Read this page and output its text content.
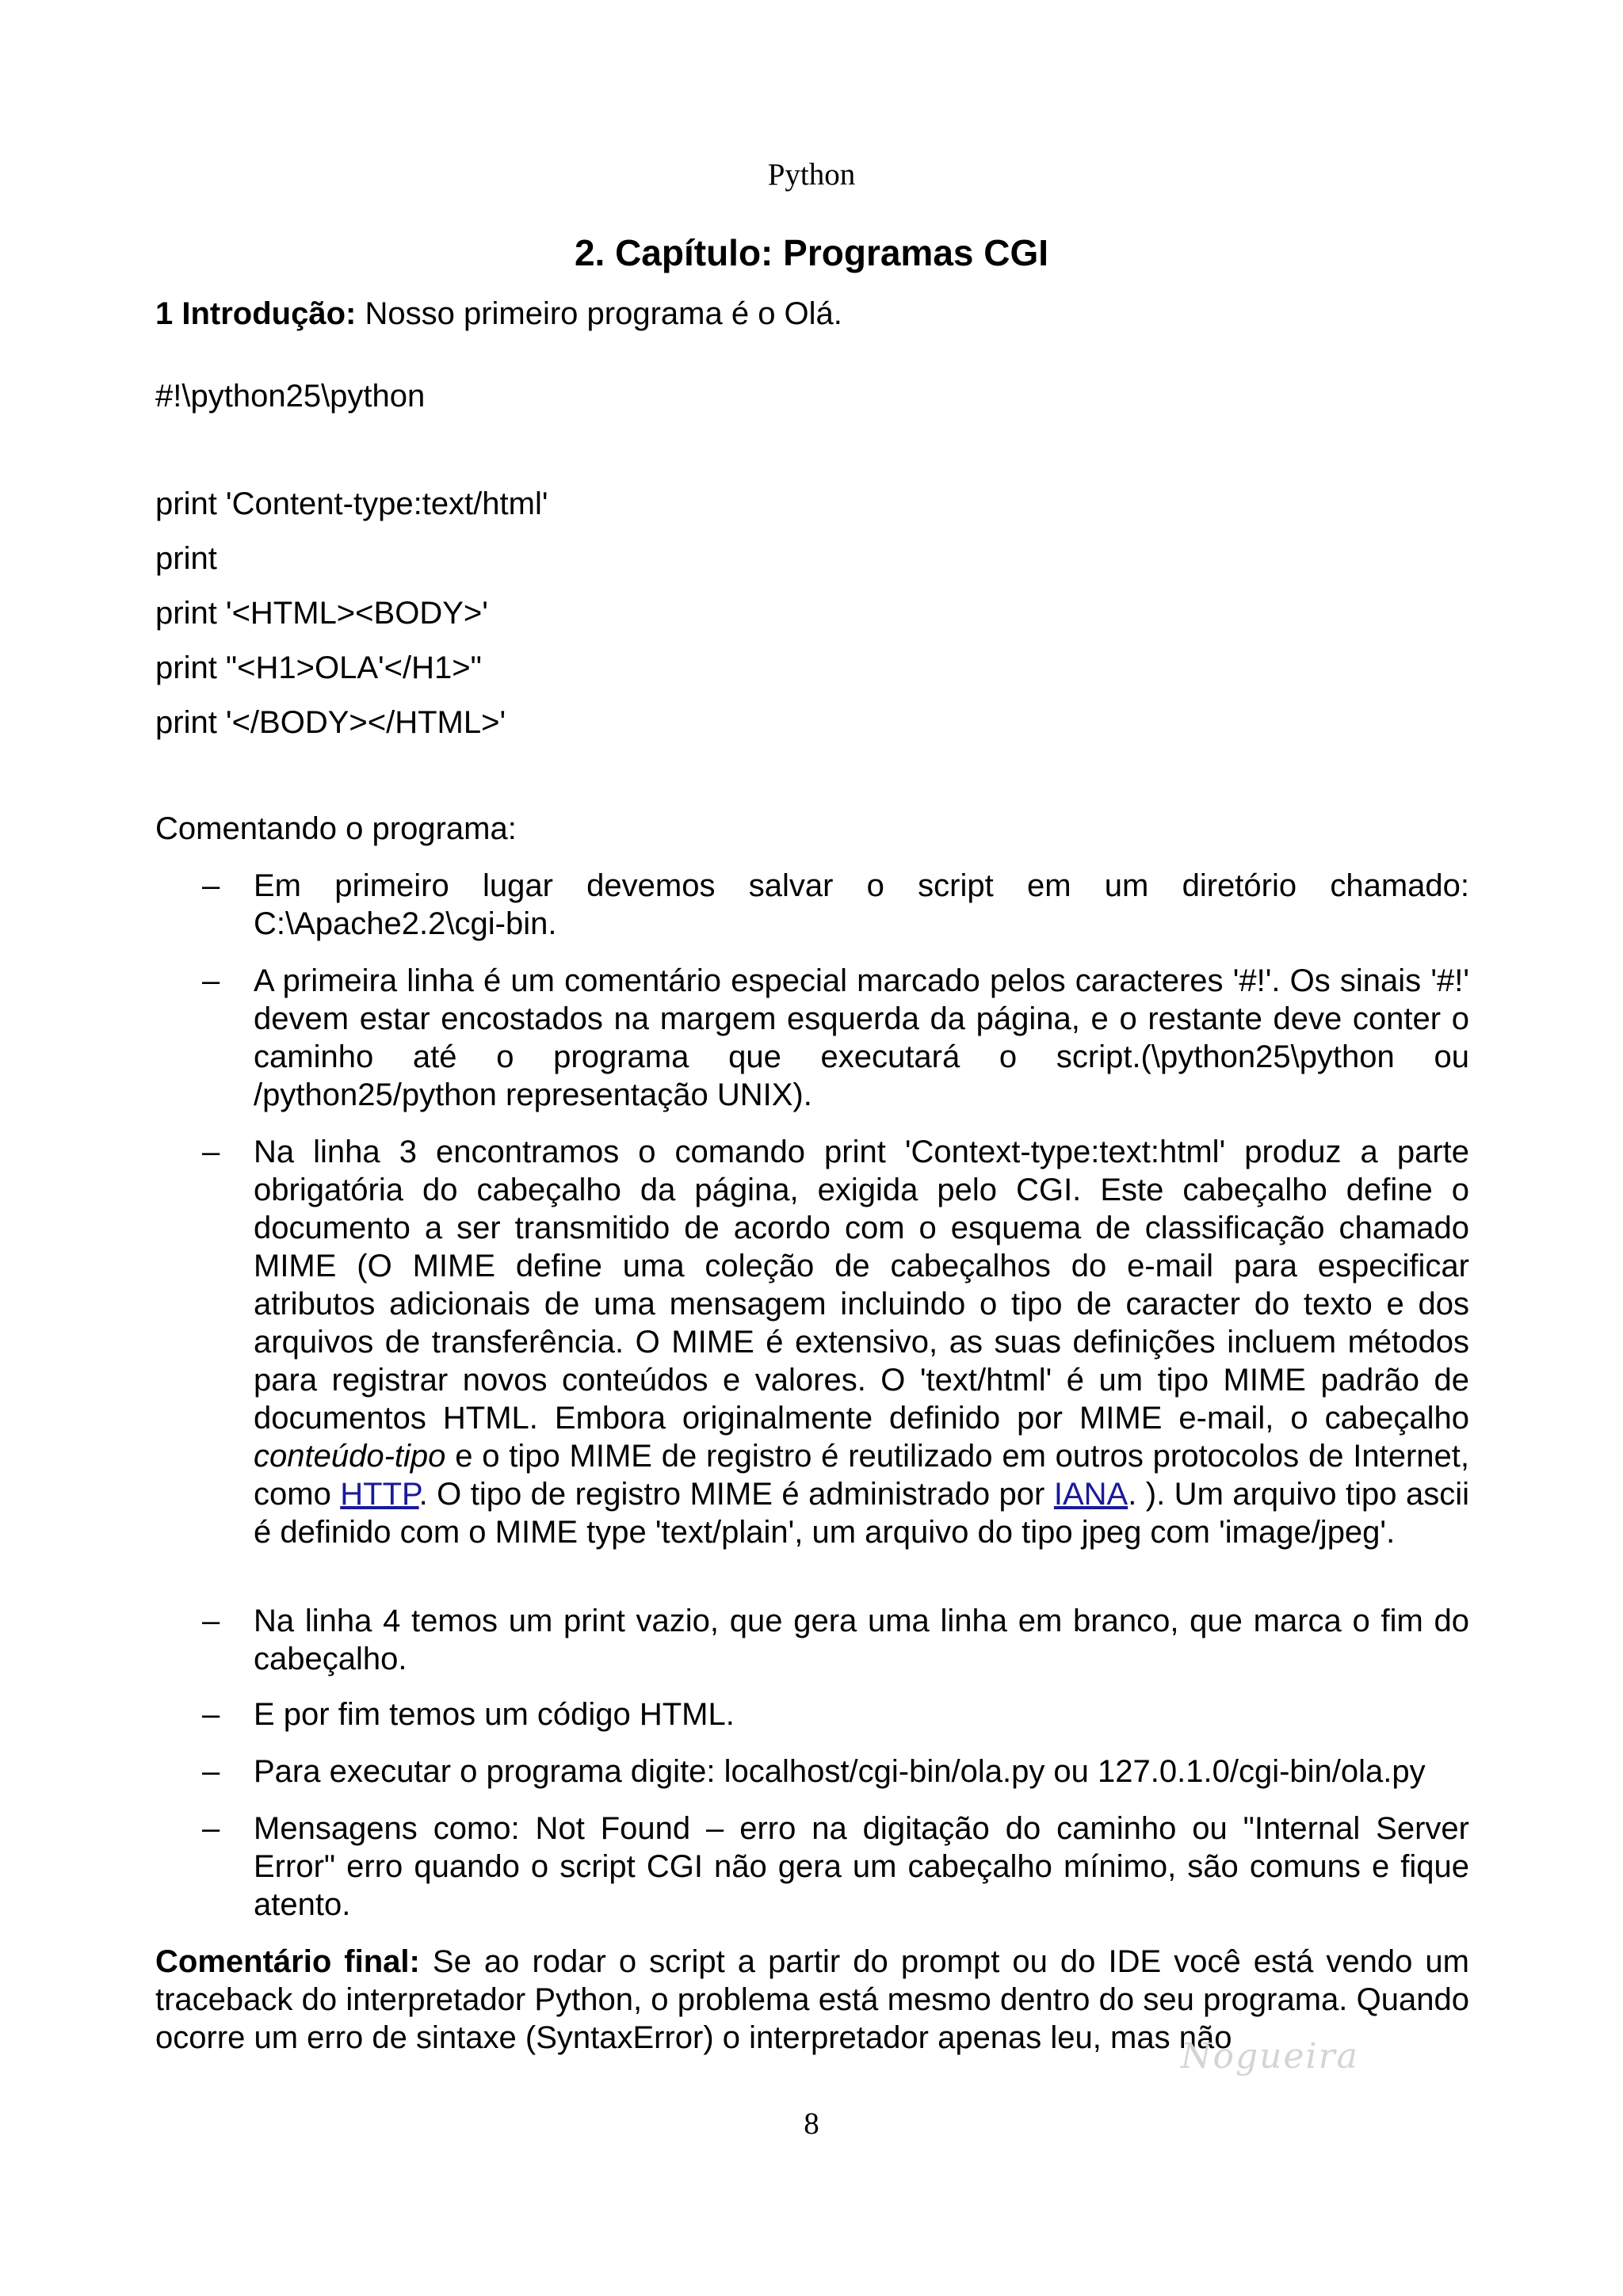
Python
2. Capítulo: Programas CGI
1 Introdução: Nosso primeiro programa é o Olá.
#!\python25\python
print 'Content-type:text/html'
print
print '<HTML><BODY>'
print "<H1>OLA'</H1>"
print '</BODY></HTML>'
Comentando o programa:
– Em primeiro lugar devemos salvar o script em um diretório chamado: C:\Apache2.2\cgi-bin.
– A primeira linha é um comentário especial marcado pelos caracteres '#!'. Os sinais '#!' devem estar encostados na margem esquerda da página, e o restante deve conter o caminho até o programa que executará o script.(\python25\python ou /python25/python representação UNIX).
– Na linha 3 encontramos o comando print 'Context-type:text:html' produz a parte obrigatória do cabeçalho da página, exigida pelo CGI. Este cabeçalho define o documento a ser transmitido de acordo com o esquema de classificação chamado MIME (O MIME define uma coleção de cabeçalhos do e-mail para especificar atributos adicionais de uma mensagem incluindo o tipo de caracter do texto e dos arquivos de transferência. O MIME é extensivo, as suas definições incluem métodos para registrar novos conteúdos e valores. O 'text/html' é um tipo MIME padrão de documentos HTML. Embora originalmente definido por MIME e-mail, o cabeçalho conteúdo-tipo e o tipo MIME de registro é reutilizado em outros protocolos de Internet, como HTTP. O tipo de registro MIME é administrado por IANA. ). Um arquivo tipo ascii é definido com o MIME type 'text/plain', um arquivo do tipo jpeg com 'image/jpeg'.
– Na linha 4 temos um print vazio, que gera uma linha em branco, que marca o fim do cabeçalho.
– E por fim temos um código HTML.
– Para executar o programa digite: localhost/cgi-bin/ola.py ou 127.0.1.0/cgi-bin/ola.py
– Mensagens como: Not Found – erro na digitação do caminho ou "Internal Server Error" erro quando o script CGI não gera um cabeçalho mínimo, são comuns e fique atento.
Comentário final: Se ao rodar o script a partir do prompt ou do IDE você está vendo um traceback do interpretador Python, o problema está mesmo dentro do seu programa. Quando ocorre um erro de sintaxe (SyntaxError) o interpretador apenas leu, mas não
Nogueira
8
